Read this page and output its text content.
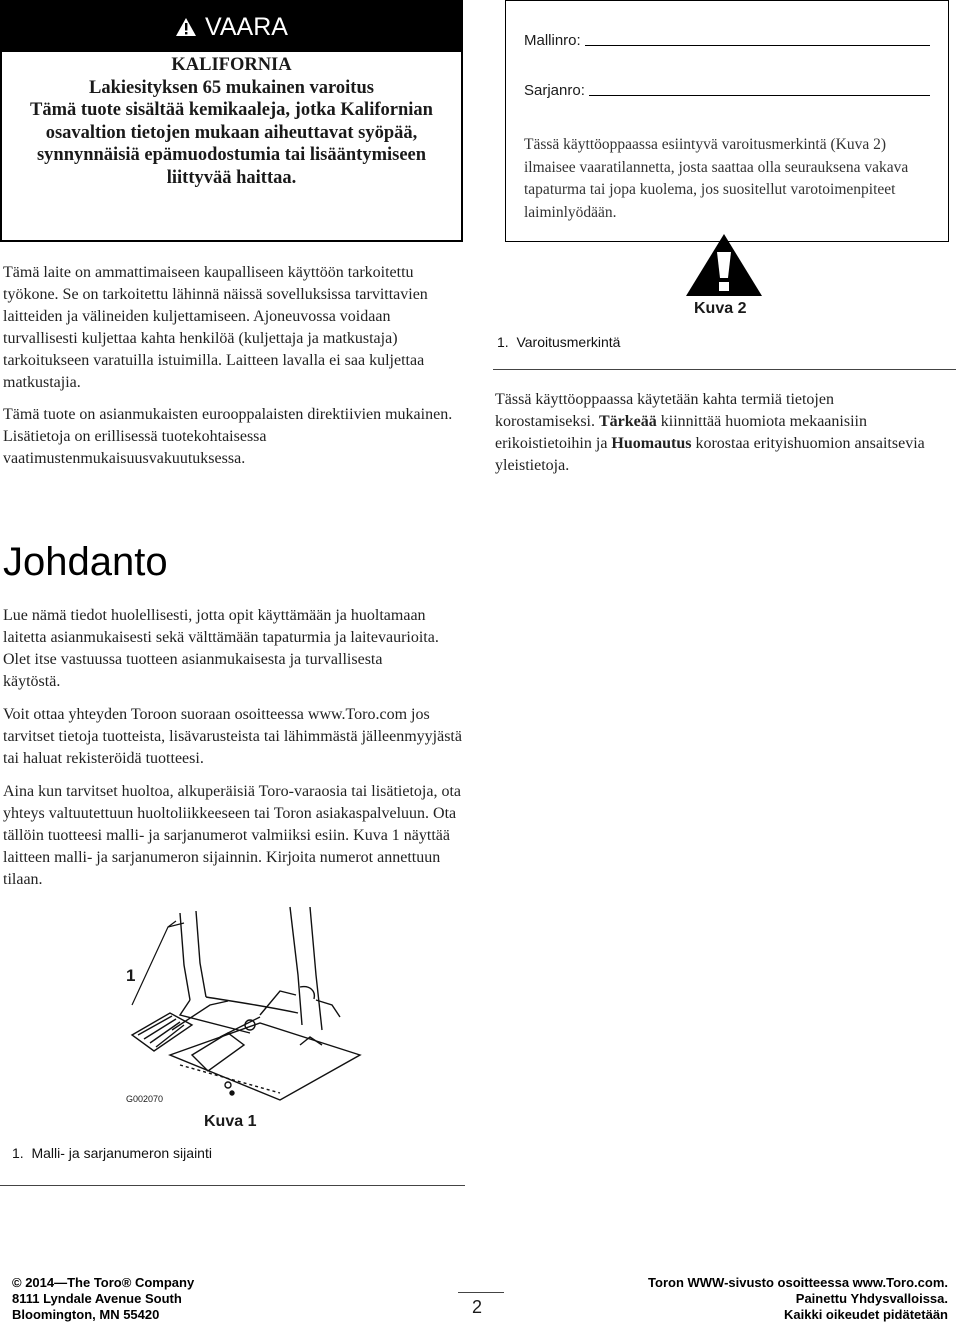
VAARA
KALIFORNIA
Lakiesityksen 65 mukainen varoitus
Tämä tuote sisältää kemikaaleja, jotka Kalifornian osavaltion tietojen mukaan aiheuttavat syöpää, synnynnäisiä epämuodostumia tai lisääntymiseen liittyvää haittaa.
Mallinro:
Sarjanro:

Tässä käyttöoppaassa esiintyvä varoitusmerkintä (Kuva 2) ilmaisee vaaratilannetta, josta saattaa olla seurauksena vakava tapaturma tai jopa kuolema, jos suositellut varotoimenpiteet laiminlyödään.

Tämä laite on ammattimaiseen kaupalliseen käyttöön tarkoitettu työkone. Se on tarkoitettu lähinnä näissä sovelluksissa tarvittavien laitteiden ja välineiden kuljettamiseen. Ajoneuvossa voidaan turvallisesti kuljettaa kahta henkilöä (kuljettaja ja matkustaja) tarkoitukseen varatuilla istuimilla. Laitteen lavalla ei saa kuljettaa matkustajia.

Tämä tuote on asianmukaisten eurooppalaisten direktiivien mukainen. Lisätietoja on erillisessä tuotekohtaisessa vaatimustenmukaisuusvakuutuksessa.

Kuva 2
1.  Varoitusmerkintä

Tässä käyttöoppaassa käytetään kahta termiä tietojen korostamiseksi. Tärkeää kiinnittää huomiota mekaanisiin erikoistietoihin ja Huomautus korostaa erityishuomion ansaitsevia yleistietoja.

Johdanto

Lue nämä tiedot huolellisesti, jotta opit käyttämään ja huoltamaan laitetta asianmukaisesti sekä välttämään tapaturmia ja laitevaurioita. Olet itse vastuussa tuotteen asianmukaisesta ja turvallisesta käytöstä.

Voit ottaa yhteyden Toroon suoraan osoitteessa www.Toro.com jos tarvitset tietoja tuotteista, lisävarusteista tai lähimmästä jälleenmyyjästä tai haluat rekisteröidä tuotteesi.

Aina kun tarvitset huoltoa, alkuperäisiä Toro-varaosia tai lisätietoja, ota yhteys valtuutettuun huoltoliikkeeseen tai Toron asiakaspalveluun. Ota tällöin tuotteesi malli- ja sarjanumerot valmiiksi esiin. Kuva 1 näyttää laitteen malli- ja sarjanumeron sijainnin. Kirjoita numerot annettuun tilaan.

1
G002070
Kuva 1
1.  Malli- ja sarjanumeron sijainti
© 2014—The Toro® Company
8111 Lyndale Avenue South
Bloomington, MN 55420	2
Toron WWW-sivusto osoitteessa www.Toro.com.
Painettu Yhdysvalloissa.
Kaikki oikeudet pidätetään
